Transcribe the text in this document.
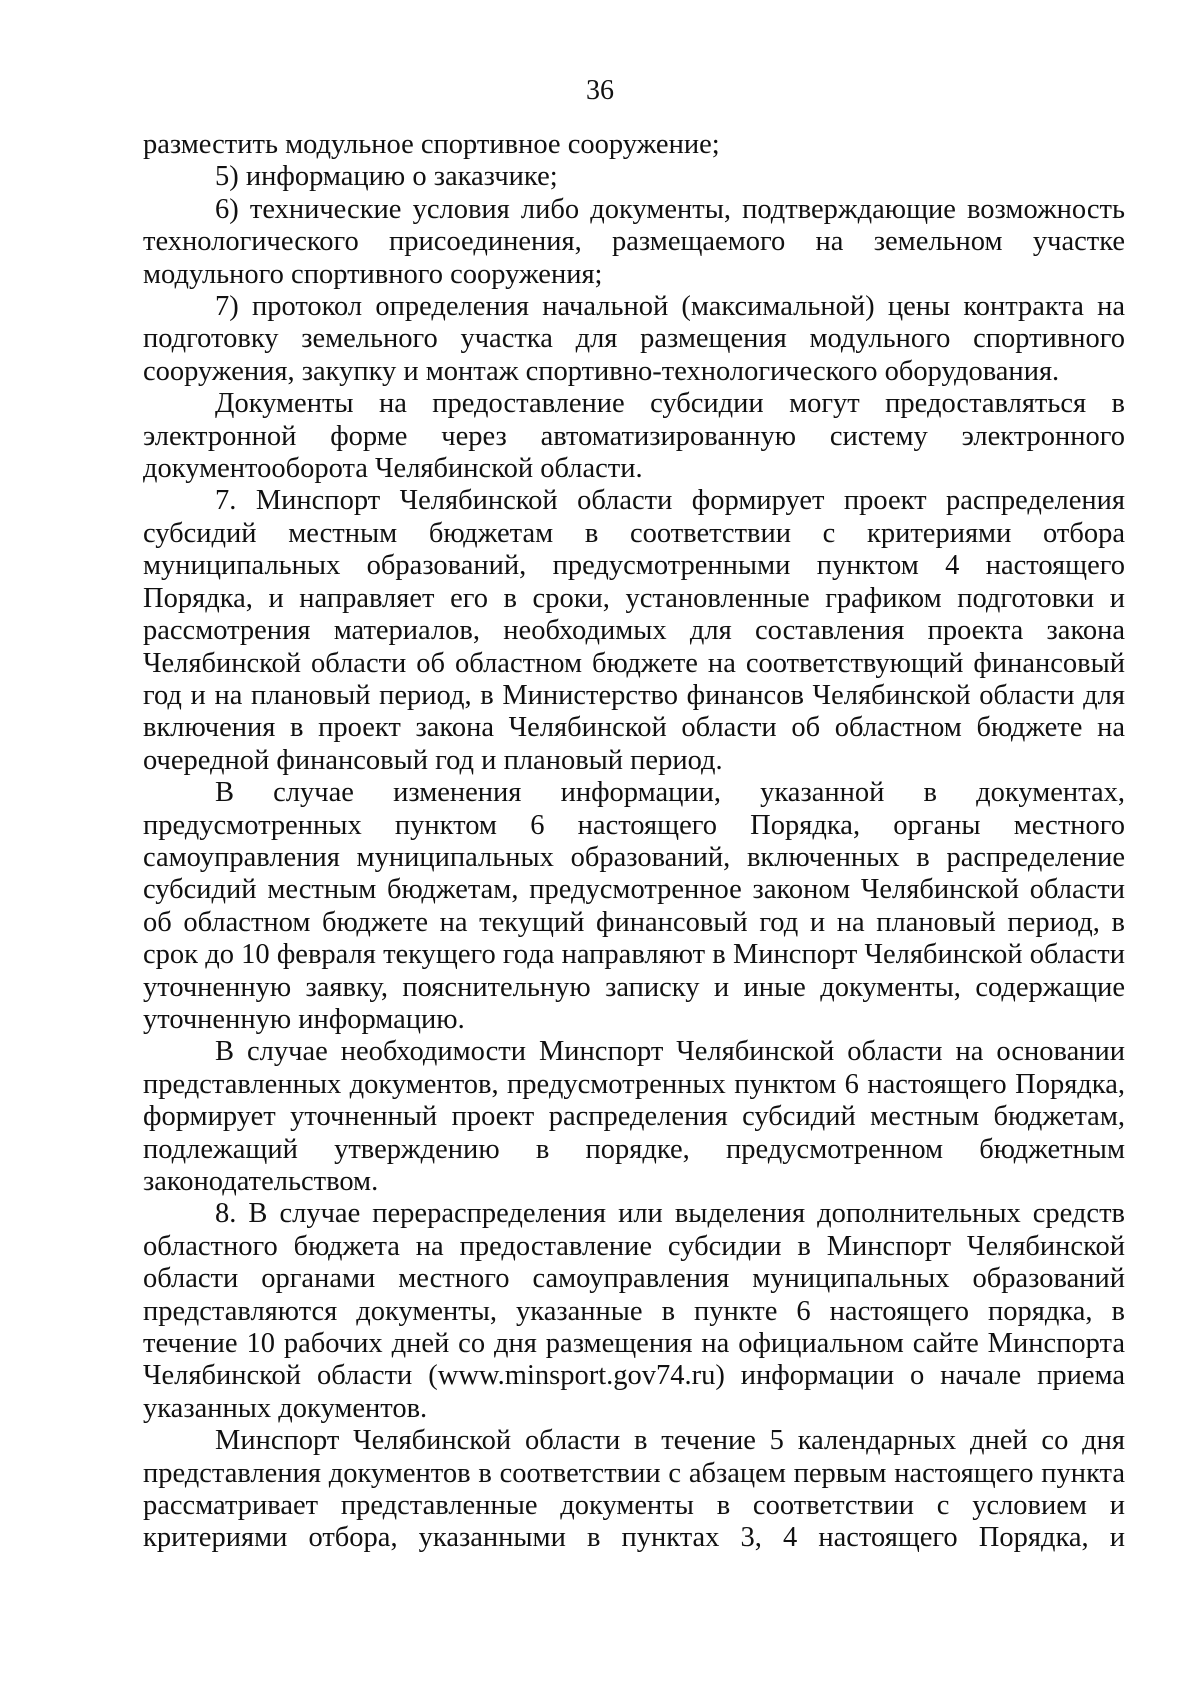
36

разместить модульное спортивное сооружение;

5) информацию о заказчике;

6) технические условия либо документы, подтверждающие возможность технологического присоединения, размещаемого на земельном участке модульного спортивного сооружения;

7) протокол определения начальной (максимальной) цены контракта на подготовку земельного участка для размещения модульного спортивного сооружения, закупку и монтаж спортивно-технологического оборудования.

Документы на предоставление субсидии могут предоставляться в электронной форме через автоматизированную систему электронного документооборота Челябинской области.

7. Минспорт Челябинской области формирует проект распределения субсидий местным бюджетам в соответствии с критериями отбора муниципальных образований, предусмотренными пунктом 4 настоящего Порядка, и направляет его в сроки, установленные графиком подготовки и рассмотрения материалов, необходимых для составления проекта закона Челябинской области об областном бюджете на соответствующий финансовый год и на плановый период, в Министерство финансов Челябинской области для включения в проект закона Челябинской области об областном бюджете на очередной финансовый год и плановый период.

В случае изменения информации, указанной в документах, предусмотренных пунктом 6 настоящего Порядка, органы местного самоуправления муниципальных образований, включенных в распределение субсидий местным бюджетам, предусмотренное законом Челябинской области об областном бюджете на текущий финансовый год и на плановый период, в срок до 10 февраля текущего года направляют в Минспорт Челябинской области уточненную заявку, пояснительную записку и иные документы, содержащие уточненную информацию.

В случае необходимости Минспорт Челябинской области на основании представленных документов, предусмотренных пунктом 6 настоящего Порядка, формирует уточненный проект распределения субсидий местным бюджетам, подлежащий утверждению в порядке, предусмотренном бюджетным законодательством.

8. В случае перераспределения или выделения дополнительных средств областного бюджета на предоставление субсидии в Минспорт Челябинской области органами местного самоуправления муниципальных образований представляются документы, указанные в пункте 6 настоящего порядка, в течение 10 рабочих дней со дня размещения на официальном сайте Минспорта Челябинской области (www.minsport.gov74.ru) информации о начале приема указанных документов.

Минспорт Челябинской области в течение 5 календарных дней со дня представления документов в соответствии с абзацем первым настоящего пункта рассматривает представленные документы в соответствии с условием и критериями отбора, указанными в пунктах 3, 4 настоящего Порядка, и
